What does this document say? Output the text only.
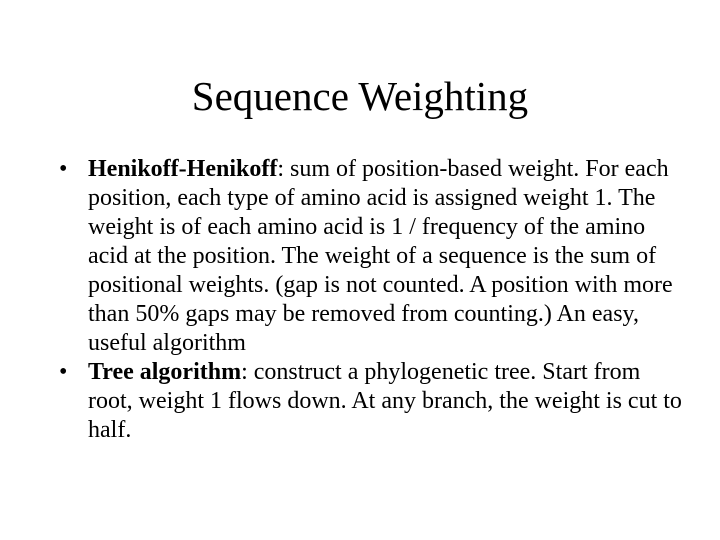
Sequence Weighting
• Henikoff-Henikoff: sum of position-based weight. For each position, each type of amino acid is assigned weight 1. The weight is of each amino acid is 1 / frequency of the amino acid at the position. The weight of a sequence is the sum of positional weights. (gap is not counted. A position with more than 50% gaps may be removed from counting.) An easy, useful algorithm
• Tree algorithm: construct a phylogenetic tree. Start from root, weight 1 flows down. At any branch, the weight is cut to half.
